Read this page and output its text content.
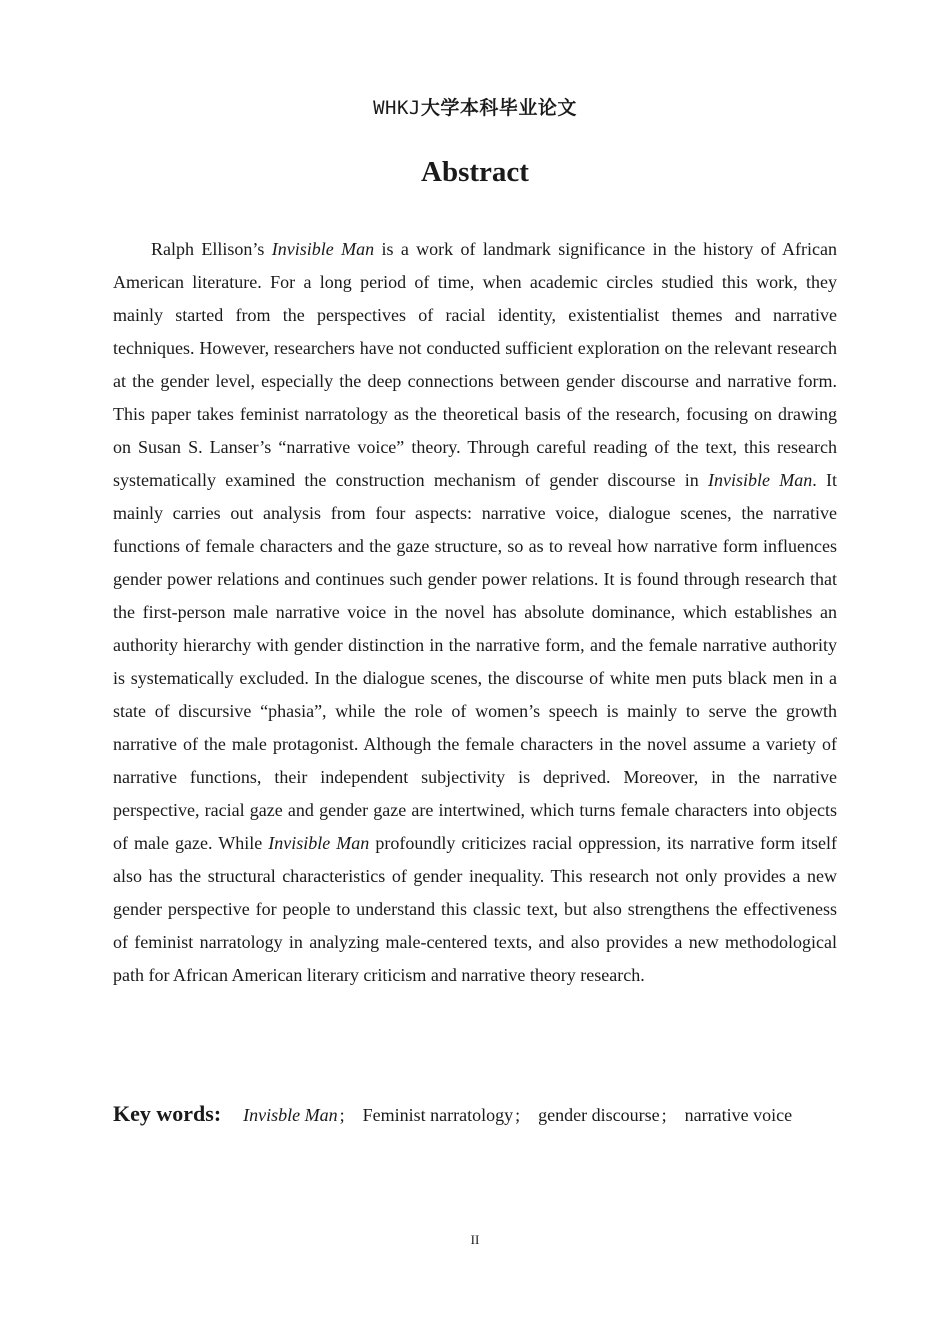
WHKJ大学本科毕业论文
Abstract

Ralph Ellison’s Invisible Man is a work of landmark significance in the history of African American literature. For a long period of time, when academic circles studied this work, they mainly started from the perspectives of racial identity, existentialist themes and narrative techniques. However, researchers have not conducted sufficient exploration on the relevant research at the gender level, especially the deep connections between gender discourse and narrative form. This paper takes feminist narratology as the theoretical basis of the research, focusing on drawing on Susan S. Lanser’s “narrative voice” theory. Through careful reading of the text, this research systematically examined the construction mechanism of gender discourse in Invisible Man. It mainly carries out analysis from four aspects: narrative voice, dialogue scenes, the narrative functions of female characters and the gaze structure, so as to reveal how narrative form influences gender power relations and continues such gender power relations. It is found through research that the first-person male narrative voice in the novel has absolute dominance, which establishes an authority hierarchy with gender distinction in the narrative form, and the female narrative authority is systematically excluded. In the dialogue scenes, the discourse of white men puts black men in a state of discursive “phasia”, while the role of women’s speech is mainly to serve the growth narrative of the male protagonist. Although the female characters in the novel assume a variety of narrative functions, their independent subjectivity is deprived. Moreover, in the narrative perspective, racial gaze and gender gaze are intertwined, which turns female characters into objects of male gaze. While Invisible Man profoundly criticizes racial oppression, its narrative form itself also has the structural characteristics of gender inequality. This research not only provides a new gender perspective for people to understand this classic text, but also strengthens the effectiveness of feminist narratology in analyzing male-centered texts, and also provides a new methodological path for African American literary criticism and narrative theory research.

Key words: Invisble Man ; Feminist narratology ; gender discourse ; narrative voice
II
